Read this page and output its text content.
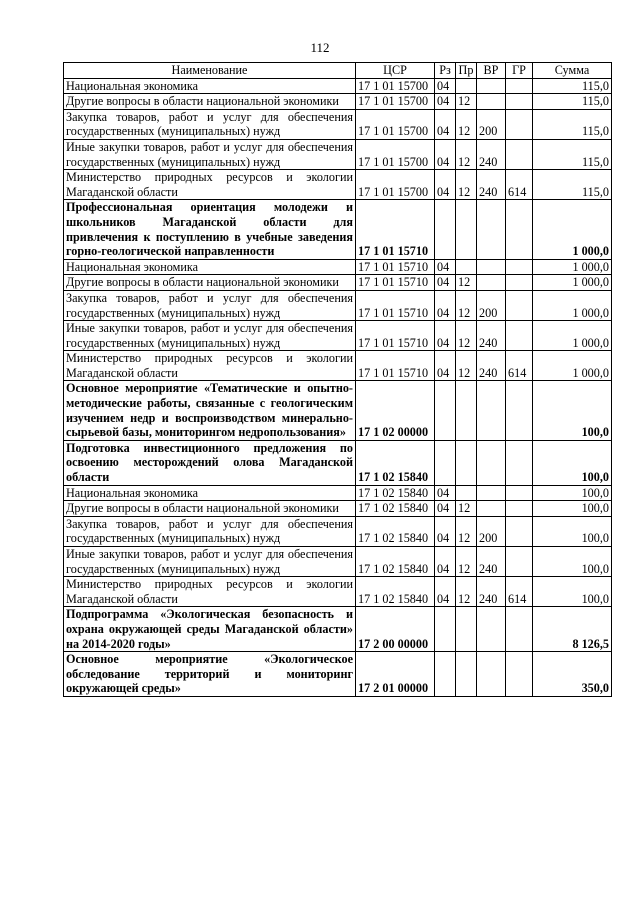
112
Наименование	ЦСР	Рз	Пр	ВР	ГР	Сумма
Национальная экономика	17 1 01 15700	04				115,0
Другие вопросы в области национальной экономики	17 1 01 15700	04	12			115,0
Закупка товаров, работ и услуг для обеспечения государственных (муниципальных) нужд	17 1 01 15700	04	12	200		115,0
Иные закупки товаров, работ и услуг для обеспечения государственных (муниципальных) нужд	17 1 01 15700	04	12	240		115,0
Министерство природных ресурсов и экологии Магаданской области	17 1 01 15700	04	12	240	614	115,0
Профессиональная ориентация молодежи и школьников Магаданской области для привлечения к поступлению в учебные заведения горно-геологической направленности	17 1 01 15710					1 000,0
Национальная экономика	17 1 01 15710	04				1 000,0
Другие вопросы в области национальной экономики	17 1 01 15710	04	12			1 000,0
Закупка товаров, работ и услуг для обеспечения государственных (муниципальных) нужд	17 1 01 15710	04	12	200		1 000,0
Иные закупки товаров, работ и услуг для обеспечения государственных (муниципальных) нужд	17 1 01 15710	04	12	240		1 000,0
Министерство природных ресурсов и экологии Магаданской области	17 1 01 15710	04	12	240	614	1 000,0
Основное мероприятие «Тематические и опытно-методические работы, связанные с геологическим изучением недр и воспроизводством минерально-сырьевой базы, мониторингом недропользования»	17 1 02 00000					100,0
Подготовка инвестиционного предложения по освоению месторождений олова Магаданской области	17 1 02 15840					100,0
Национальная экономика	17 1 02 15840	04				100,0
Другие вопросы в области национальной экономики	17 1 02 15840	04	12			100,0
Закупка товаров, работ и услуг для обеспечения государственных (муниципальных) нужд	17 1 02 15840	04	12	200		100,0
Иные закупки товаров, работ и услуг для обеспечения государственных (муниципальных) нужд	17 1 02 15840	04	12	240		100,0
Министерство природных ресурсов и экологии Магаданской области	17 1 02 15840	04	12	240	614	100,0
Подпрограмма «Экологическая безопасность и охрана окружающей среды Магаданской области» на 2014-2020 годы»	17 2 00 00000					8 126,5
Основное мероприятие «Экологическое обследование территорий и мониторинг окружающей среды»	17 2 01 00000					350,0
